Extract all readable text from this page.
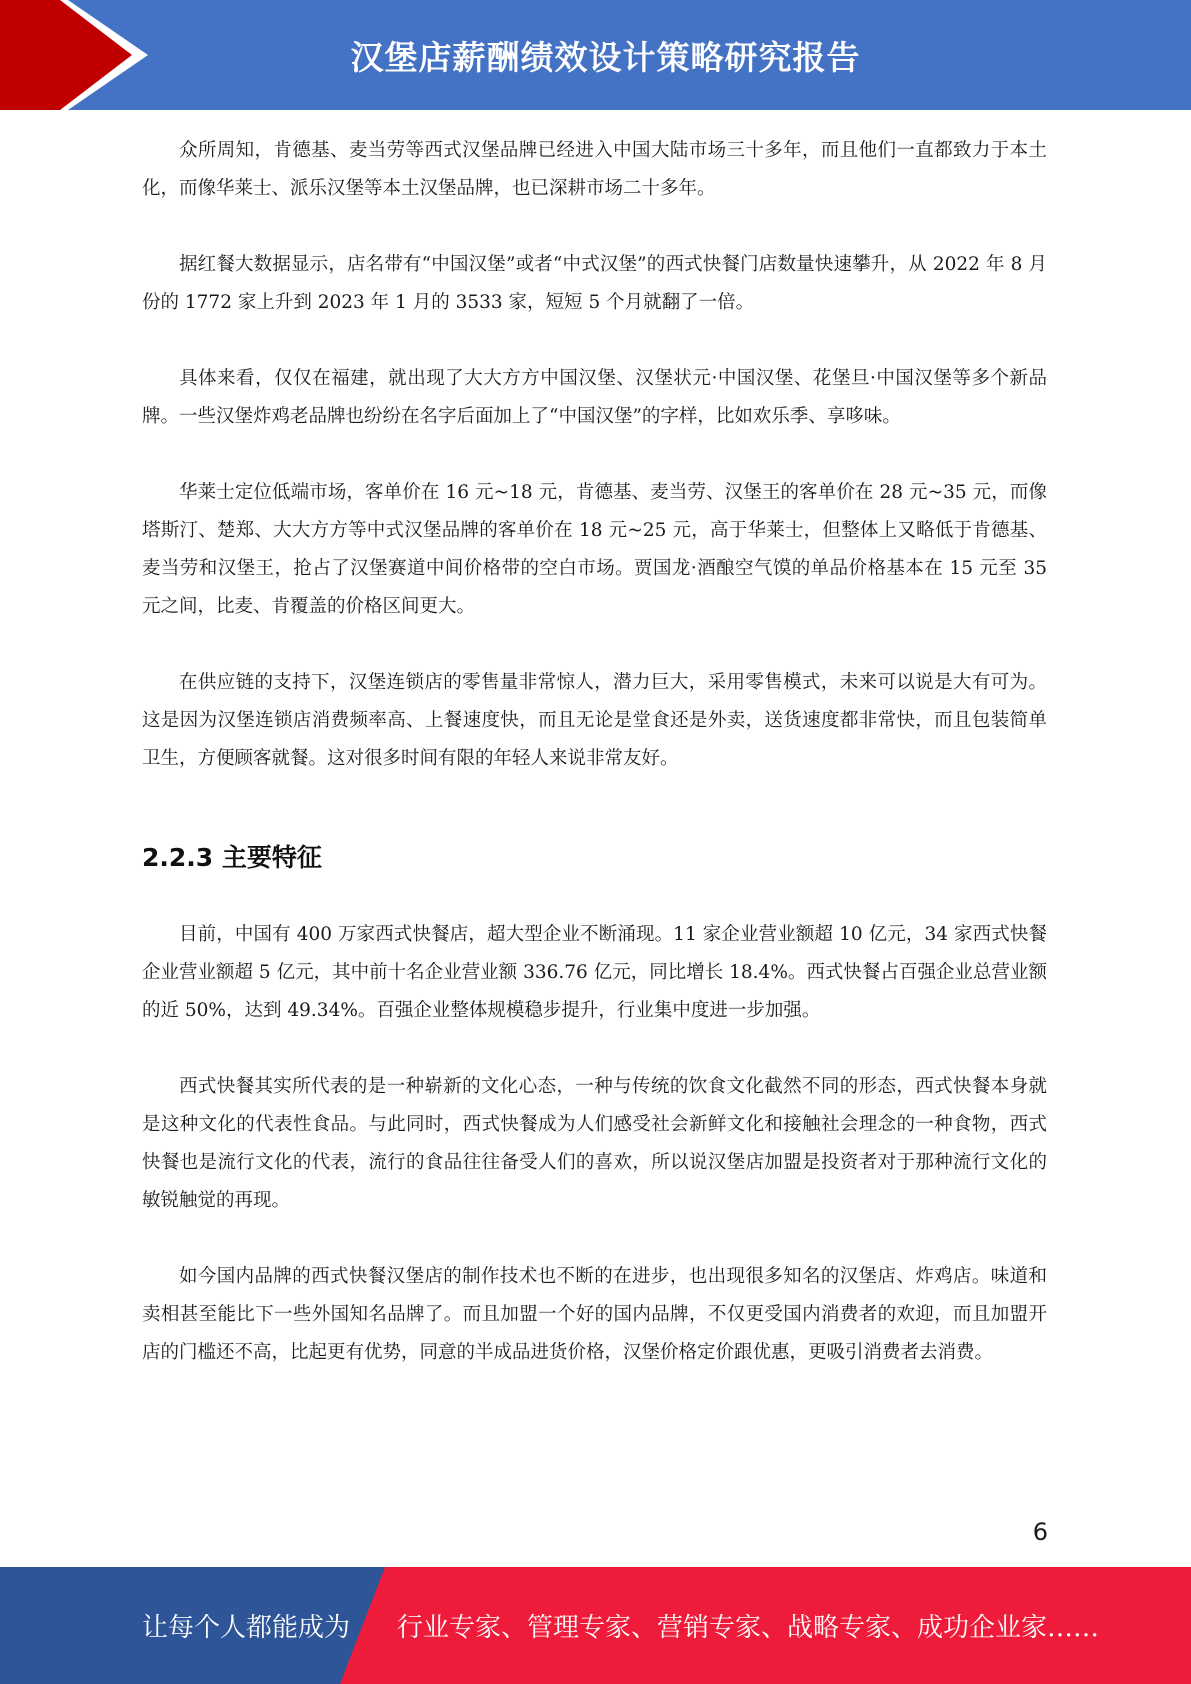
汉堡店薪酬绩效设计策略研究报告

众所周知，肯德基、麦当劳等西式汉堡品牌已经进入中国大陆市场三十多年，而且他们一直都致力于本土化，而像华莱士、派乐汉堡等本土汉堡品牌，也已深耕市场二十多年。

据红餐大数据显示，店名带有“中国汉堡”或者“中式汉堡”的西式快餐门店数量快速攀升，从 2022 年 8 月份的 1772 家上升到 2023 年 1 月的 3533 家，短短 5 个月就翻了一倍。

具体来看，仅仅在福建，就出现了大大方方中国汉堡、汉堡状元·中国汉堡、花堡旦·中国汉堡等多个新品牌。一些汉堡炸鸡老品牌也纷纷在名字后面加上了“中国汉堡”的字样，比如欢乐季、享哆味。

华莱士定位低端市场，客单价在 16 元~18 元，肯德基、麦当劳、汉堡王的客单价在 28 元~35 元，而像塔斯汀、楚郑、大大方方等中式汉堡品牌的客单价在 18 元~25 元，高于华莱士，但整体上又略低于肯德基、麦当劳和汉堡王，抢占了汉堡赛道中间价格带的空白市场。贾国龙·酒酿空气馍的单品价格基本在 15 元至 35 元之间，比麦、肯覆盖的价格区间更大。

在供应链的支持下，汉堡连锁店的零售量非常惊人，潜力巨大，采用零售模式，未来可以说是大有可为。这是因为汉堡连锁店消费频率高、上餐速度快，而且无论是堂食还是外卖，送货速度都非常快，而且包装简单卫生，方便顾客就餐。这对很多时间有限的年轻人来说非常友好。

2.2.3 主要特征

目前，中国有 400 万家西式快餐店，超大型企业不断涌现。11 家企业营业额超 10 亿元，34 家西式快餐企业营业额超 5 亿元，其中前十名企业营业额 336.76 亿元，同比增长 18.4%。西式快餐占百强企业总营业额的近 50%，达到 49.34%。百强企业整体规模稳步提升，行业集中度进一步加强。

西式快餐其实所代表的是一种崭新的文化心态，一种与传统的饮食文化截然不同的形态，西式快餐本身就是这种文化的代表性食品。与此同时，西式快餐成为人们感受社会新鲜文化和接触社会理念的一种食物，西式快餐也是流行文化的代表，流行的食品往往备受人们的喜欢，所以说汉堡店加盟是投资者对于那种流行文化的敏锐触觉的再现。

如今国内品牌的西式快餐汉堡店的制作技术也不断的在进步，也出现很多知名的汉堡店、炸鸡店。味道和卖相甚至能比下一些外国知名品牌了。而且加盟一个好的国内品牌，不仅更受国内消费者的欢迎，而且加盟开店的门槛还不高，比起更有优势，同意的半成品进货价格，汉堡价格定价跟优惠，更吸引消费者去消费。

6
让每个人都能成为 行业专家、管理专家、营销专家、战略专家、成功企业家……
